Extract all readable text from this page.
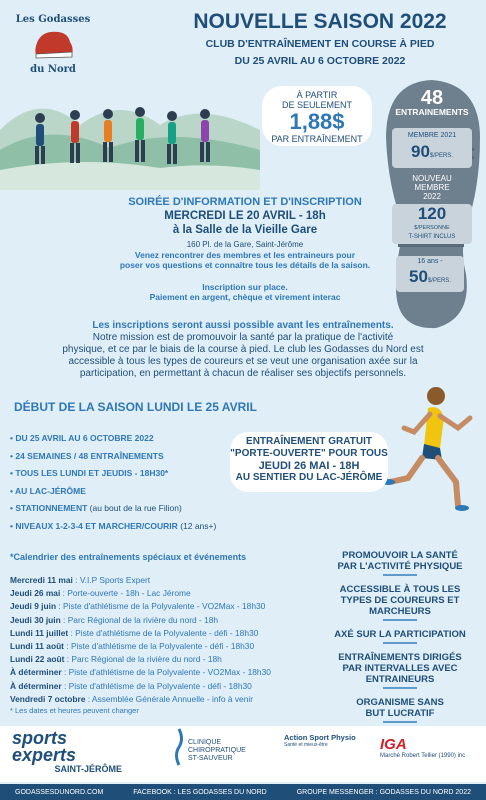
Les Godasses
du Nord
NOUVELLE SAISON 2022
CLUB D'ENTRAÎNEMENT EN COURSE À PIED
DU 25 AVRIL AU 6 OCTOBRE 2022
À PARTIR
DE SEULEMENT
1,88$
PAR ENTRAÎNEMENT
48
ENTRAINEMENTS
MEMBRE 2021
90$/PERS.
NOUVEAU
MEMBRE
2022
120
$/PERSONNE
T-SHIRT INCLUS
16 ans -
50$/PERS.
SOIRÉE D'INFORMATION ET D'INSCRIPTION
MERCREDI LE 20 AVRIL - 18h
à la Salle de la Vieille Gare
160 Pl. de la Gare, Saint-Jérôme
Venez rencontrer des membres et les entraineurs pour
poser vos questions et connaître tous les détails de la saison.
Inscription sur place.
Paiement en argent, chèque et virement interac
Les inscriptions seront aussi possible avant les entraînements.
Notre mission est de promouvoir la santé par la pratique de l'activité
physique, et ce par le biais de la course à pied. Le club les Godasses du Nord est
accessible à tous les types de coureurs et se veut une organisation axée sur la
participation, en permettant à chacun de réaliser ses objectifs personnels.
DÉBUT DE LA SAISON LUNDI LE 25 AVRIL
• DU 25 AVRIL AU 6 OCTOBRE 2022
• 24 SEMAINES / 48 ENTRAÎNEMENTS
• TOUS LES LUNDI ET JEUDIS - 18H30*
• AU LAC-JÉRÔME
• STATIONNEMENT (au bout de la rue Filion)
• NIVEAUX 1-2-3-4 ET MARCHER/COURIR (12 ans+)
ENTRAÎNEMENT GRATUIT
"PORTE-OUVERTE" POUR TOUS
JEUDI 26 MAI - 18H
AU SENTIER DU LAC-JÉRÔME
*Calendrier des entraînements spéciaux et événements
Mercredi 11 mai : V.I.P Sports Expert
Jeudi 26 mai : Porte-ouverte - 18h - Lac Jérome
Jeudi 9 juin : Piste d'athlétisme de la Polyvalente - VO2Max - 18h30
Jeudi 30 juin : Parc Régional de la rivière du nord - 18h
Lundi 11 juillet : Piste d'athlétisme de la Polyvalente - défi - 18h30
Lundi 11 août : Piste d'athlétisme de la Polyvalente - défi - 18h30
Lundi 22 août : Parc Régional de la rivière du nord - 18h
À déterminer : Piste d'athlétisme de la Polyvalente - VO2Max - 18h30
À déterminer : Piste d'athlétisme de la Polyvalente - défi - 18h30
Vendredi 7 octobre : Assemblée Générale Annuelle - info à venir
* Les dates et heures peuvent changer
PROMOUVOIR LA SANTÉ
PAR L'ACTIVITÉ PHYSIQUE
ACCESSIBLE À TOUS LES
TYPES DE COUREURS ET
MARCHEURS
AXÉ SUR LA PARTICIPATION
ENTRAÎNEMENTS DIRIGÉS
PAR INTERVALLES AVEC
ENTRAINEURS
ORGANISME SANS
BUT LUCRATIF
sports
experts
SAINT-JÉRÔME
CLINIQUE CHIROPRATIQUE
ST-SAUVEUR
Action Sport Physio
Santé et mieux-être	IGA
Marché Robert Tellier (1990) inc
GODASSESDUNORD.COM	FACEBOOK : LES GODASSES DU NORD	GROUPE MESSENGER : GODASSES DU NORD 2022
